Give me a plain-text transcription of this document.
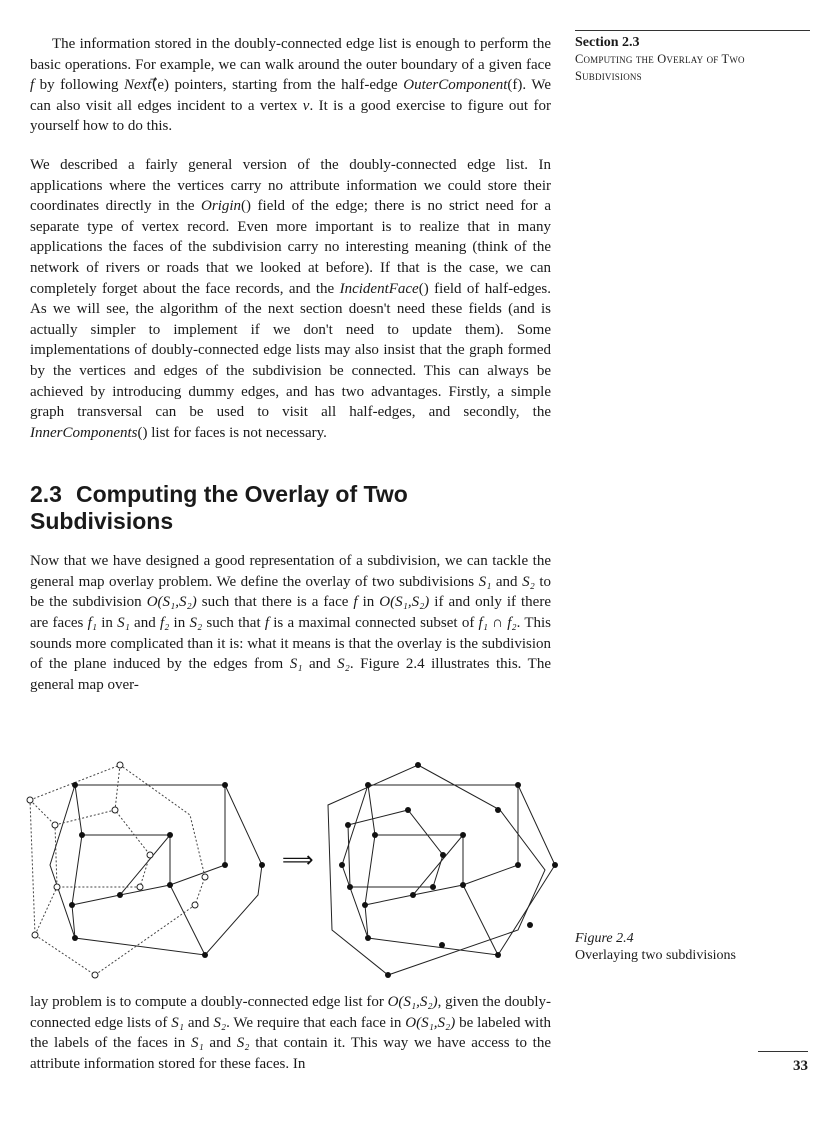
Section 2.3
Computing the Overlay of Two
Subdivisions

The information stored in the doubly-connected edge list is enough to perform the basic operations. For example, we can walk around the outer boundary of a given face f by following Next(⃗e) pointers, starting from the half-edge OuterComponent(f). We can also visit all edges incident to a vertex v. It is a good exercise to figure out for yourself how to do this.

We described a fairly general version of the doubly-connected edge list. In applications where the vertices carry no attribute information we could store their coordinates directly in the Origin() field of the edge; there is no strict need for a separate type of vertex record. Even more important is to realize that in many applications the faces of the subdivision carry no interesting meaning (think of the network of rivers or roads that we looked at before). If that is the case, we can completely forget about the face records, and the IncidentFace() field of half-edges. As we will see, the algorithm of the next section doesn't need these fields (and is actually simpler to implement if we don't need to update them). Some implementations of doubly-connected edge lists may also insist that the graph formed by the vertices and edges of the subdivision be connected. This can always be achieved by introducing dummy edges, and has two advantages. Firstly, a simple graph transversal can be used to visit all half-edges, and secondly, the InnerComponents() list for faces is not necessary.

2.3 Computing the Overlay of Two Subdivisions

Now that we have designed a good representation of a subdivision, we can tackle the general map overlay problem. We define the overlay of two subdivisions S₁ and S₂ to be the subdivision O(S₁,S₂) such that there is a face f in O(S₁,S₂) if and only if there are faces f₁ in S₁ and f₂ in S₂ such that f is a maximal connected subset of f₁ ∩ f₂. This sounds more complicated than it is: what it means is that the overlay is the subdivision of the plane induced by the edges from S₁ and S₂. Figure 2.4 illustrates this. The general map over-

⟹
Figure 2.4
Overlaying two subdivisions

lay problem is to compute a doubly-connected edge list for O(S₁,S₂), given the doubly-connected edge lists of S₁ and S₂. We require that each face in O(S₁,S₂) be labeled with the labels of the faces in S₁ and S₂ that contain it. This way we have access to the attribute information stored for these faces. In	33
